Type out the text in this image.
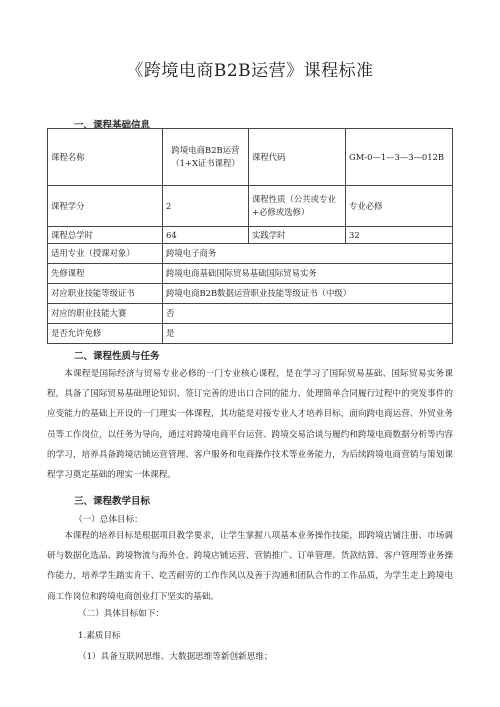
《跨境电商B2B运营》课程标准
一、课程基础信息
课程名称	跨境电商B2B运营（1+X证书课程）	课程代码	GM-0—1—3—3—012B
课程学分	2	课程性质（公共或专业+必修或选修）	专业必修
课程总学时	64	实践学时	32
适用专业（授课对象）	跨境电子商务		
先修课程	跨境电商基础国际贸易基础国际贸易实务		
对应职业技能等级证书	跨境电商B2B数据运营职业技能等级证书（中级）		
对应的职业技能大赛	否		
是否允许免修	是		
二、课程性质与任务

本课程是国际经济与贸易专业必修的一门专业核心课程，是在学习了国际贸易基础、国际贸易实务课程，具备了国际贸易基础理论知识、签订完善的进出口合同的能力、处理简单合同履行过程中的突发事件的应变能力的基础上开设的一门理实一体课程，其功能是对接专业人才培养目标，面向跨电商运营、外贸业务员等工作岗位，以任务为导向，通过对跨境电商平台运营、跨境交易洽谈与履约和跨境电商数据分析等内容的学习，培养具备跨境店铺运营管理、客户服务和电商操作技术等业务能力，为后续跨境电商营销与策划课程学习奠定基础的理实一体课程。

三、课程教学目标
（一）总体目标：

本课程的培养目标是根据项目教学要求，让学生掌握八项基本业务操作技能，即跨境店铺注册、市场调研与数据化选品、跨境物流与海外仓、跨境店铺运营、营销推广、订单管理、货款结算、客户管理等业务操作能力，培养学生踏实肯干、吃苦耐劳的工作作风以及善于沟通和团队合作的工作品质，为学生走上跨境电商工作岗位和跨境电商创业打下坚实的基础。

（二）具体目标如下：
1.素质目标
（1）具备互联网思维、大数据思维等新创新思维；
